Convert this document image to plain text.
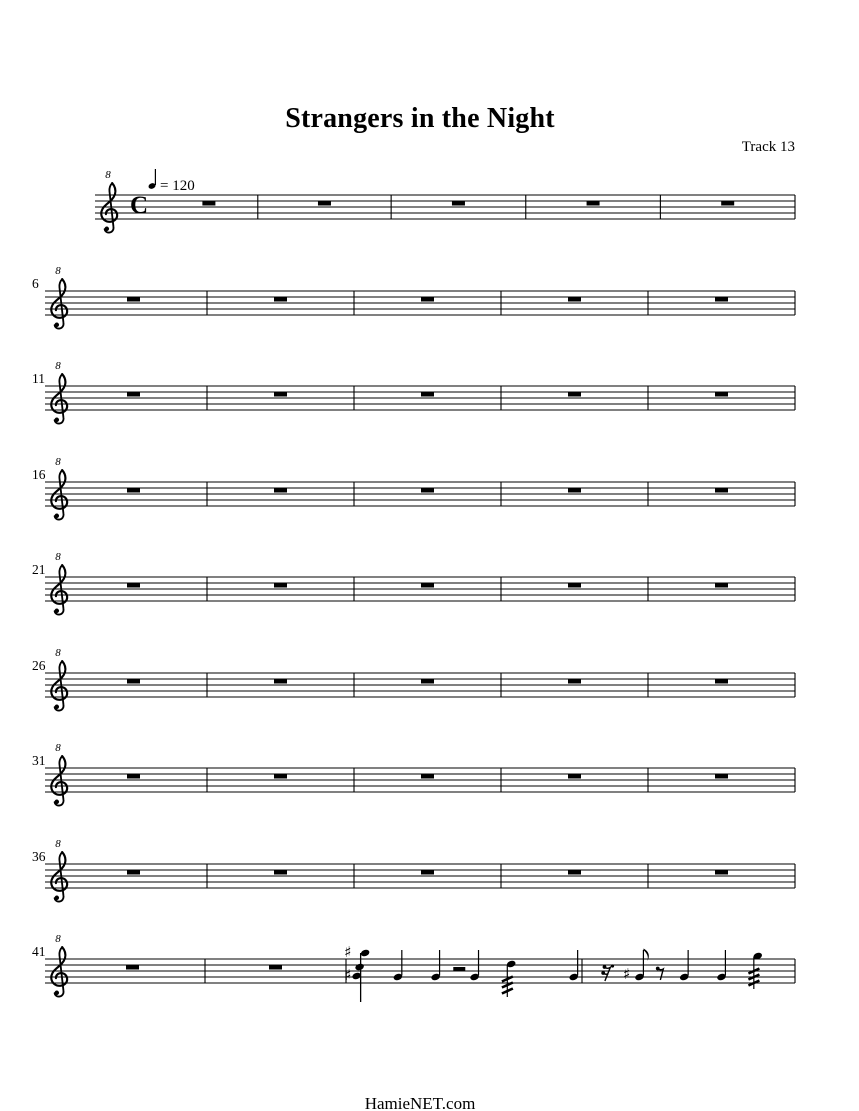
Strangers in the Night
Track 13
8
C
= 120
6
8
11
8
16
8
21
8
26
8
31
8
36
8
41
8
♯
♯	♯
HamieNET.com
